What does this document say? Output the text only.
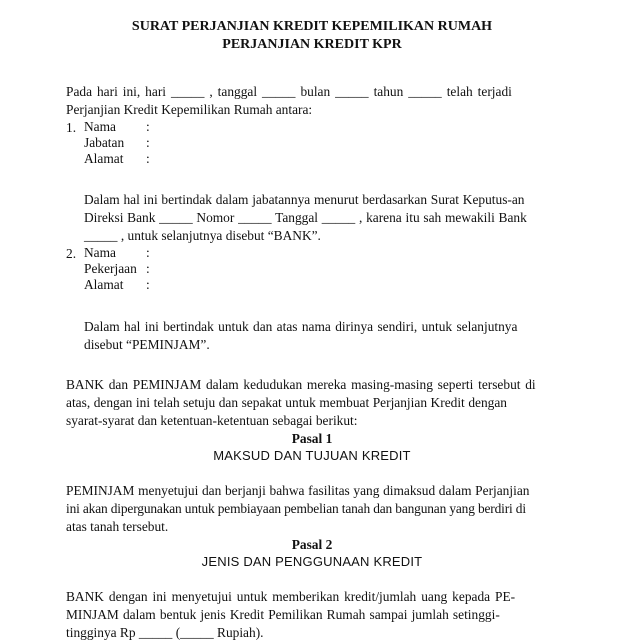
SURAT PERJANJIAN KREDIT KEPEMILIKAN RUMAH

PERJANJIAN KREDIT KPR

Pada hari ini, hari _____ , tanggal _____ bulan _____ tahun _____ telah terjadi

Perjanjian Kredit Kepemilikan Rumah antara:

1. Nama	:
Jabatan	:
Alamat	:

Dalam hal ini bertindak dalam jabatannya menurut berdasarkan Surat Keputus-an

Direksi Bank _____ Nomor _____ Tanggal _____ , karena itu sah mewakili Bank

_____ , untuk selanjutnya disebut “BANK”.

2. Nama	:
Pekerjaan :
Alamat	:

Dalam hal ini bertindak untuk dan atas nama dirinya sendiri, untuk selanjutnya

disebut “PEMINJAM”.

BANK dan PEMINJAM dalam kedudukan mereka masing-masing seperti tersebut di

atas, dengan ini telah setuju dan sepakat untuk membuat Perjanjian Kredit dengan

syarat-syarat dan ketentuan-ketentuan sebagai berikut:

Pasal 1
MAKSUD DAN TUJUAN KREDIT

PEMINJAM menyetujui dan berjanji bahwa fasilitas yang dimaksud dalam Perjanjian

ini akan dipergunakan untuk pembiayaan pembelian tanah dan bangunan yang berdiri di

atas tanah tersebut.

Pasal 2
JENIS DAN PENGGUNAAN KREDIT

BANK dengan ini menyetujui untuk memberikan kredit/jumlah uang kepada PE-

MINJAM dalam bentuk jenis Kredit Pemilikan Rumah sampai jumlah setinggi-

tingginya Rp _____ (_____ Rupiah).
